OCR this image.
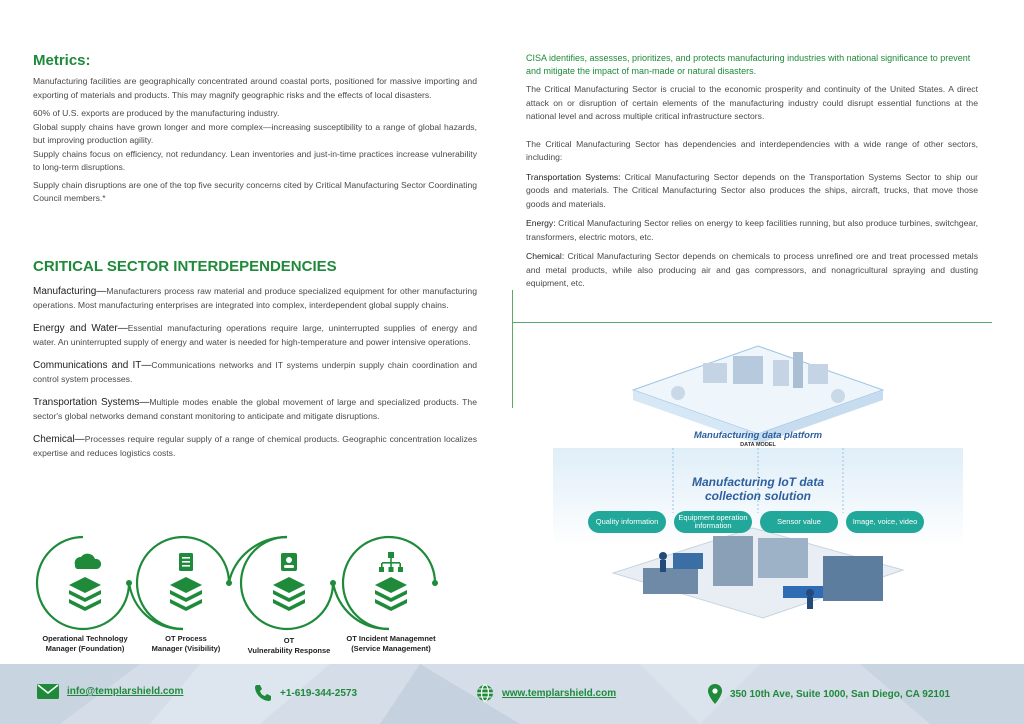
Metrics:

Manufacturing facilities are geographically concentrated around coastal ports, positioned for massive importing and exporting of materials and products. This may magnify geographic risks and the effects of local disasters.

60% of U.S. exports are produced by the manufacturing industry.

Global supply chains have grown longer and more complex—increasing susceptibility to a range of global hazards, but improving production agility.

Supply chains focus on efficiency, not redundancy. Lean inventories and just-in-time practices increase vulnerability to long-term disruptions.

Supply chain disruptions are one of the top five security concerns cited by Critical Manufacturing Sector Coordinating Council members.*

CRITICAL SECTOR INTERDEPENDENCIES

Manufacturing—Manufacturers process raw material and produce specialized equipment for other manufacturing operations. Most manufacturing enterprises are integrated into complex, interdependent global supply chains.

Energy and Water—Essential manufacturing operations require large, uninterrupted supplies of energy and water. An uninterrupted supply of energy and water is needed for high-temperature and power intensive operations.

Communications and IT—Communications networks and IT systems underpin supply chain coordination and control system processes.

Transportation Systems—Multiple modes enable the global movement of large and specialized products. The sector's global networks demand constant monitoring to anticipate and mitigate disruptions.

Chemical—Processes require regular supply of a range of chemical products. Geographic concentration localizes expertise and reduces logistics costs.

Operational Technology
Manager (Foundation)
OT Process
Manager (Visibility)
OT
Vulnerability Response
OT Incident Managemnet
(Service Management)
CISA identifies, assesses, prioritizes, and protects manufacturing industries with national significance to prevent and mitigate the impact of man-made or natural disasters.

The Critical Manufacturing Sector is crucial to the economic prosperity and continuity of the United States. A direct attack on or disruption of certain elements of the manufacturing industry could disrupt essential functions at the national level and across multiple critical infrastructure sectors.

The Critical Manufacturing Sector has dependencies and interdependencies with a wide range of other sectors, including:

Transportation Systems: Critical Manufacturing Sector depends on the Transportation Systems Sector to ship our goods and materials. The Critical Manufacturing Sector also produces the ships, aircraft, trucks, that move those goods and materials.

Energy: Critical Manufacturing Sector relies on energy to keep facilities running, but also produce turbines, switchgear, transformers, electric motors, etc.

Chemical: Critical Manufacturing Sector depends on chemicals to process unrefined ore and treat processed metals and metal products, while also producing air and gas compressors, and nonagricultural spraying and dusting equipment, etc.

Manufacturing data platform
DATA MODEL
Manufacturing IoT data
collection solution
Quality information	Equipment operation information	Sensor value	Image, voice, video
info@templarshield.com	+1-619-344-2573	www.templarshield.com	350 10th Ave, Suite 1000, San Diego, CA 92101
